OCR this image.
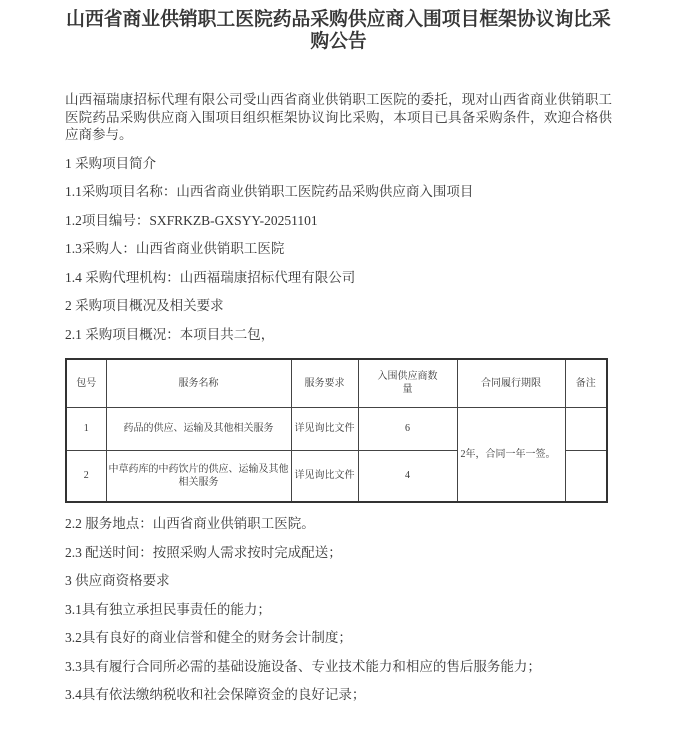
山西省商业供销职工医院药品采购供应商入围项目框架协议询比采购公告

山西福瑞康招标代理有限公司受山西省商业供销职工医院的委托，现对山西省商业供销职工医院药品采购供应商入围项目组织框架协议询比采购，本项目已具备采购条件，欢迎合格供应商参与。

1 采购项目简介

1.1采购项目名称：山西省商业供销职工医院药品采购供应商入围项目

1.2项目编号：SXFRKZB-GXSYY-20251101

1.3采购人：山西省商业供销职工医院

1.4 采购代理机构：山西福瑞康招标代理有限公司

2 采购项目概况及相关要求

2.1 采购项目概况：本项目共二包，

包号	服务名称	服务要求	入围供应商数量	合同履行期限	备注
1	药品的供应、运输及其他相关服务	详见询比文件	6	2年，合同一年一签。	
2	中草药库的中药饮片的供应、运输及其他相关服务	详见询比文件	4		

2.2 服务地点：山西省商业供销职工医院。

2.3 配送时间：按照采购人需求按时完成配送；

3 供应商资格要求

3.1具有独立承担民事责任的能力；

3.2具有良好的商业信誉和健全的财务会计制度；

3.3具有履行合同所必需的基础设施设备、专业技术能力和相应的售后服务能力；

3.4具有依法缴纳税收和社会保障资金的良好记录；
